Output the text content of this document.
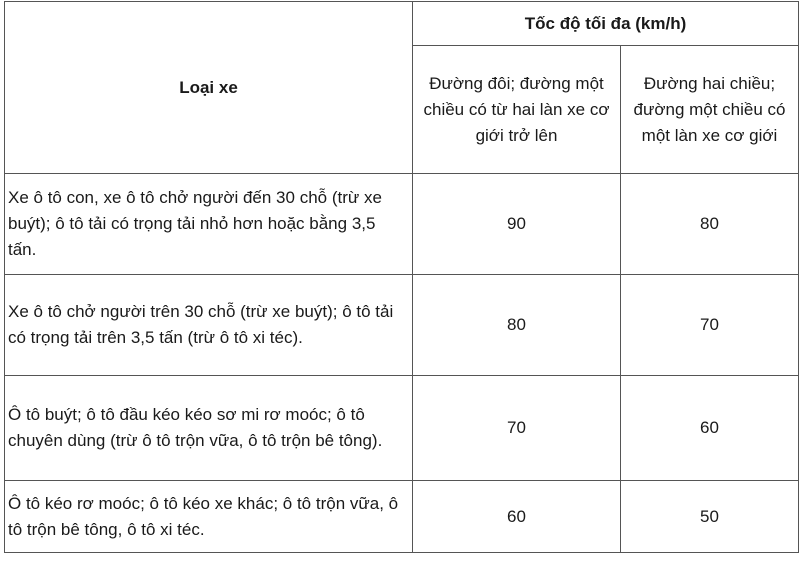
Loại xe	Tốc độ tối đa (km/h)	
	Đường đôi; đường một chiều có từ hai làn xe cơ giới trở lên	Đường hai chiều; đường một chiều có một làn xe cơ giới
Xe ô tô con, xe ô tô chở người đến 30 chỗ (trừ xe buýt); ô tô tải có trọng tải nhỏ hơn hoặc bằng 3,5 tấn.	90	80
Xe ô tô chở người trên 30 chỗ (trừ xe buýt); ô tô tải có trọng tải trên 3,5 tấn (trừ ô tô xi téc).	80	70
Ô tô buýt; ô tô đầu kéo kéo sơ mi rơ moóc; ô tô chuyên dùng (trừ ô tô trộn vữa, ô tô trộn bê tông).	70	60
Ô tô kéo rơ moóc; ô tô kéo xe khác; ô tô trộn vữa, ô tô trộn bê tông, ô tô xi téc.	60	50
